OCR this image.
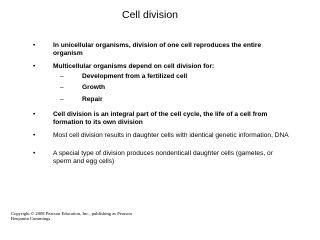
Cell division
•	In unicellular organisms, division of one cell reproduces the entire organism
•	Multicellular organisms depend on cell division for:
–	Development from a fertilized cell
–	Growth
–	Repair
•	Cell division is an integral part of the cell cycle, the life of a cell from formation to its own division
•	Most cell division results in daughter cells with identical genetic information, DNA
•	A special type of division produces nondenticalI daughter cells (gametes, or sperm and egg cells)
Copyright © 2008 Pearson Education, Inc., publishing as Pearson
Benjamin Cummings
